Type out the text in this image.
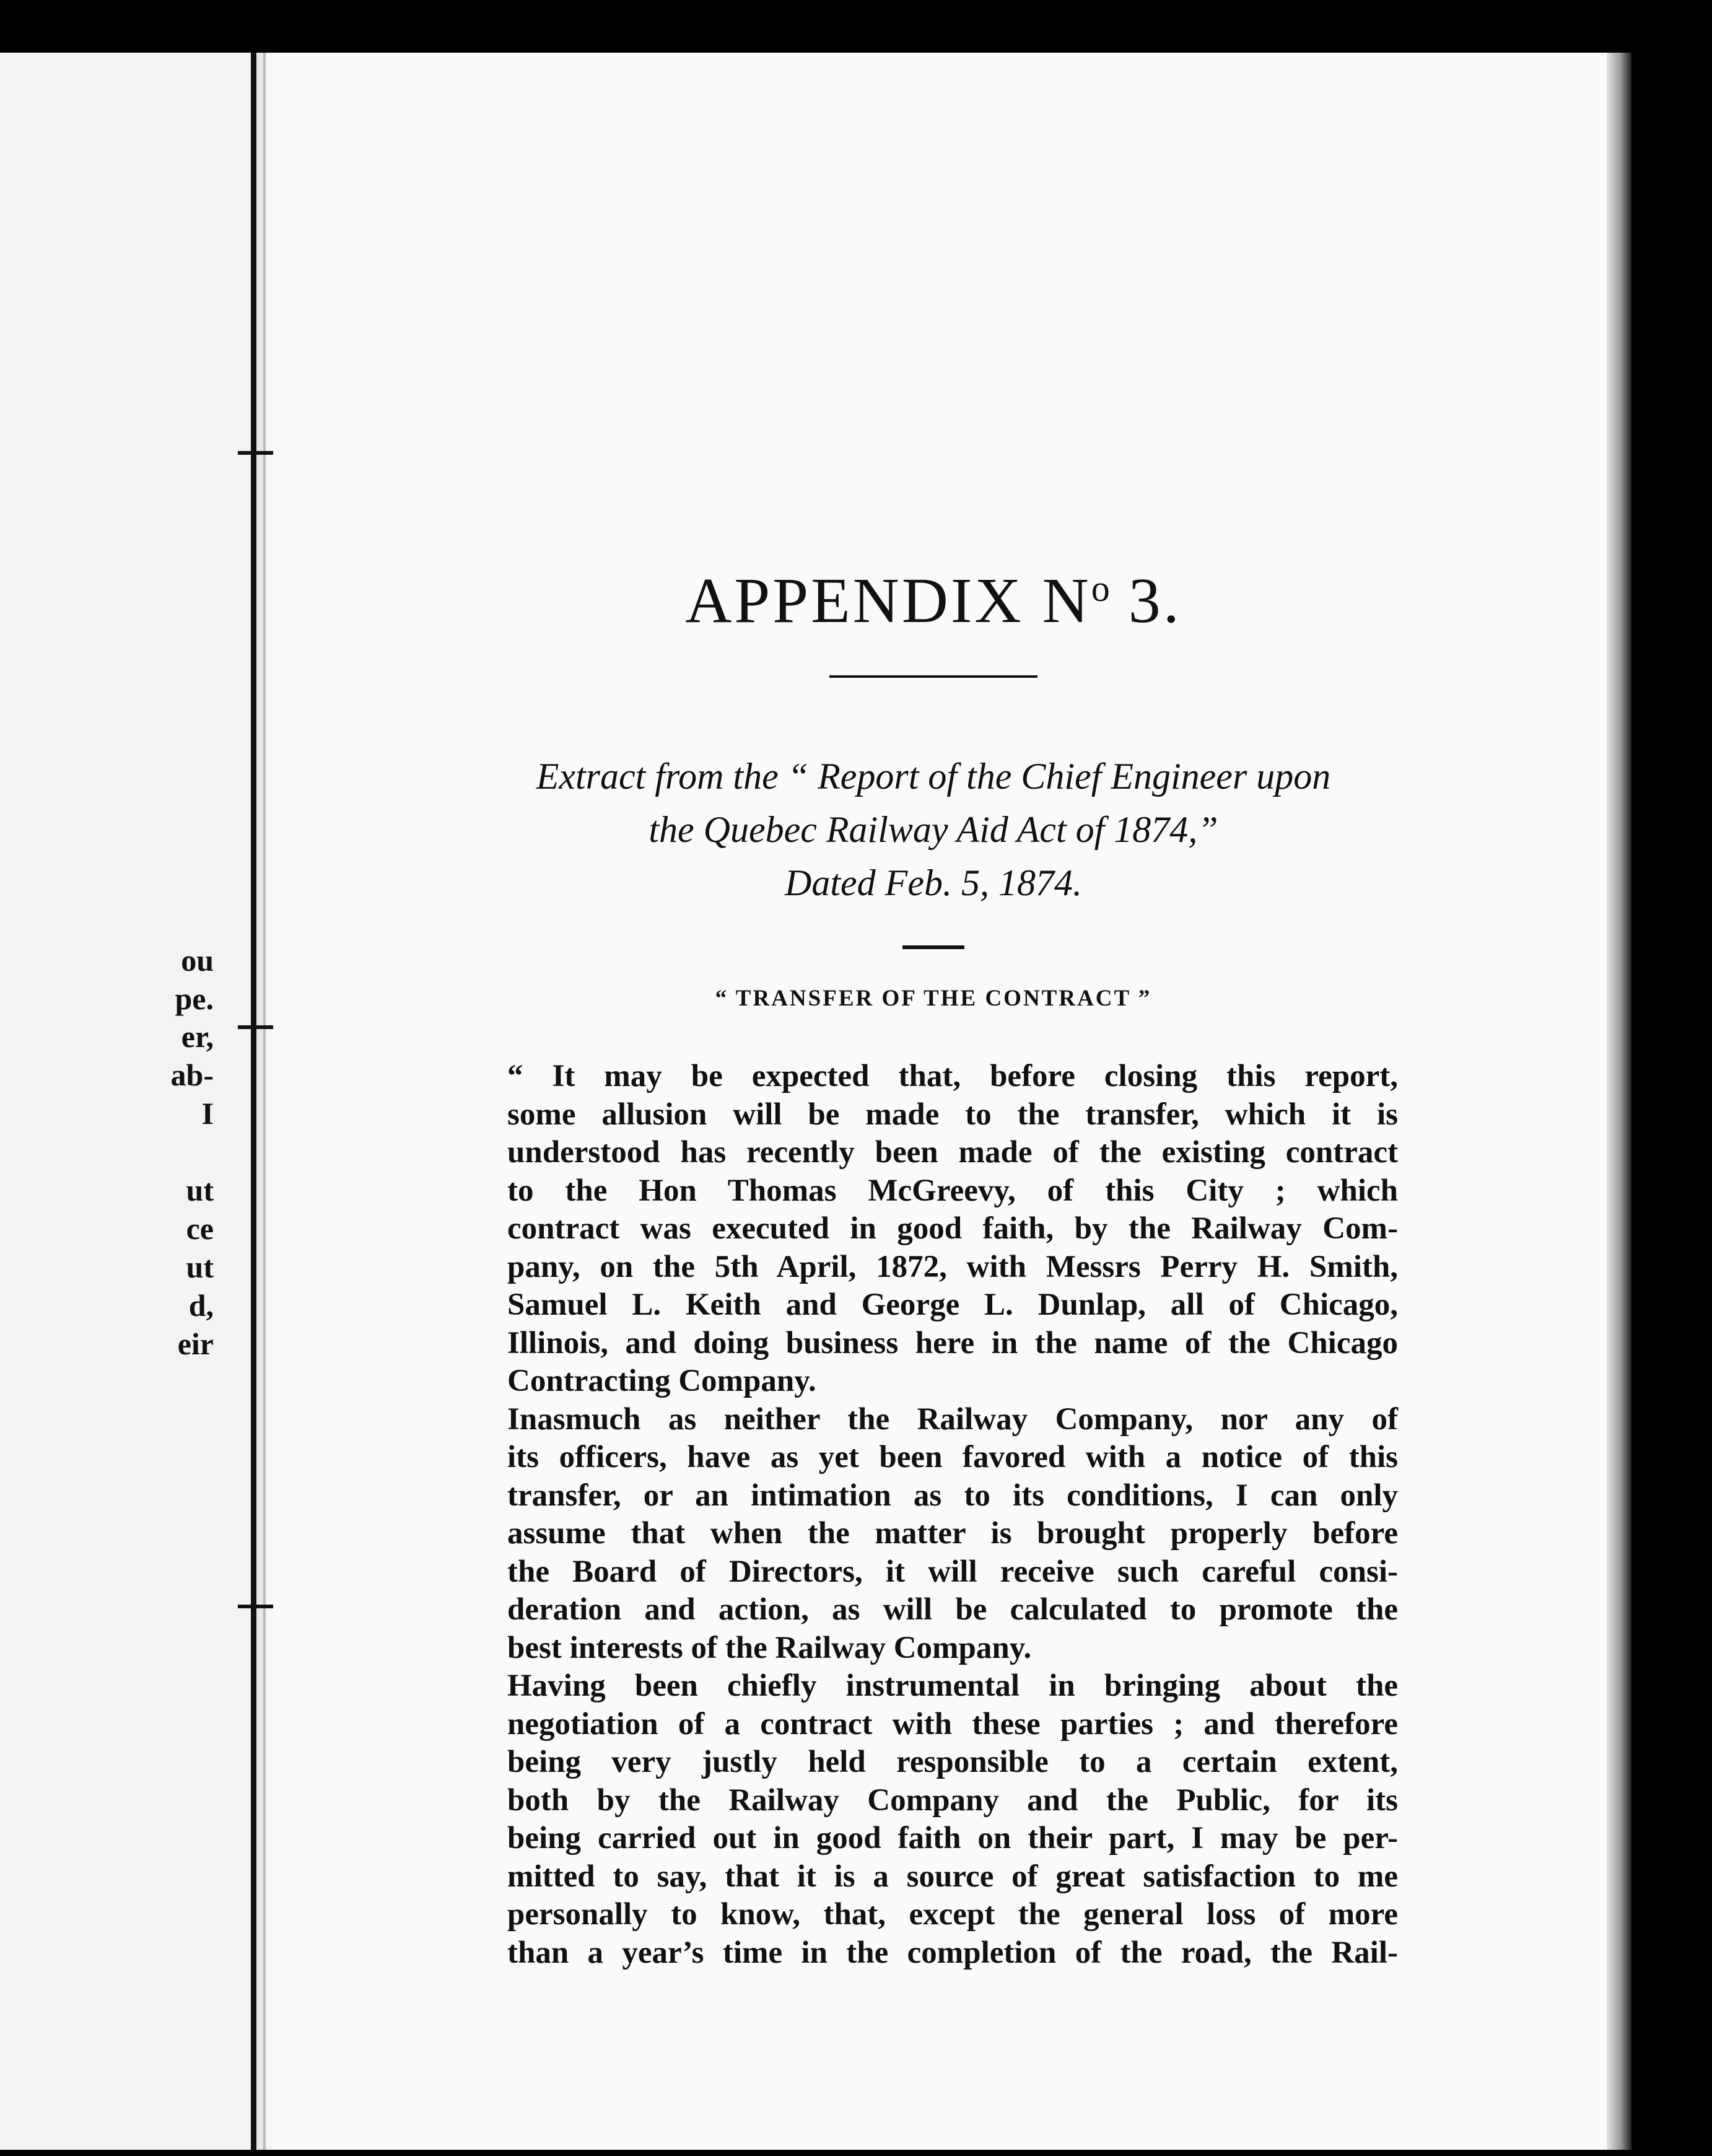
ou
pe.
er,
ab-
I
ut
ce
ut
d,
eir
APPENDIX $N^o$ 3.
Extract from the “ Report of the Chief Engineer upon
the Quebec Railway Aid Act of 1874,”
Dated Feb. 5, 1874.
“ TRANSFER OF THE CONTRACT ”

“ It may be expected that, before closing this report,
some allusion will be made to the transfer, which it is
understood has recently been made of the existing contract
to the Hon Thomas McGreevy, of this City ; which
contract was executed in good faith, by the Railway Com-
pany, on the 5th April, 1872, with Messrs Perry H. Smith,
Samuel L. Keith and George L. Dunlap, all of Chicago,
Illinois, and doing business here in the name of the Chicago
Contracting Company.

Inasmuch as neither the Railway Company, nor any of
its officers, have as yet been favored with a notice of this
transfer, or an intimation as to its conditions, I can only
assume that when the matter is brought properly before
the Board of Directors, it will receive such careful consi-
deration and action, as will be calculated to promote the
best interests of the Railway Company.

Having been chiefly instrumental in bringing about the
negotiation of a contract with these parties ; and therefore
being very justly held responsible to a certain extent,
both by the Railway Company and the Public, for its
being carried out in good faith on their part, I may be per-
mitted to say, that it is a source of great satisfaction to me
personally to know, that, except the general loss of more
than a year’s time in the completion of the road, the Rail-
